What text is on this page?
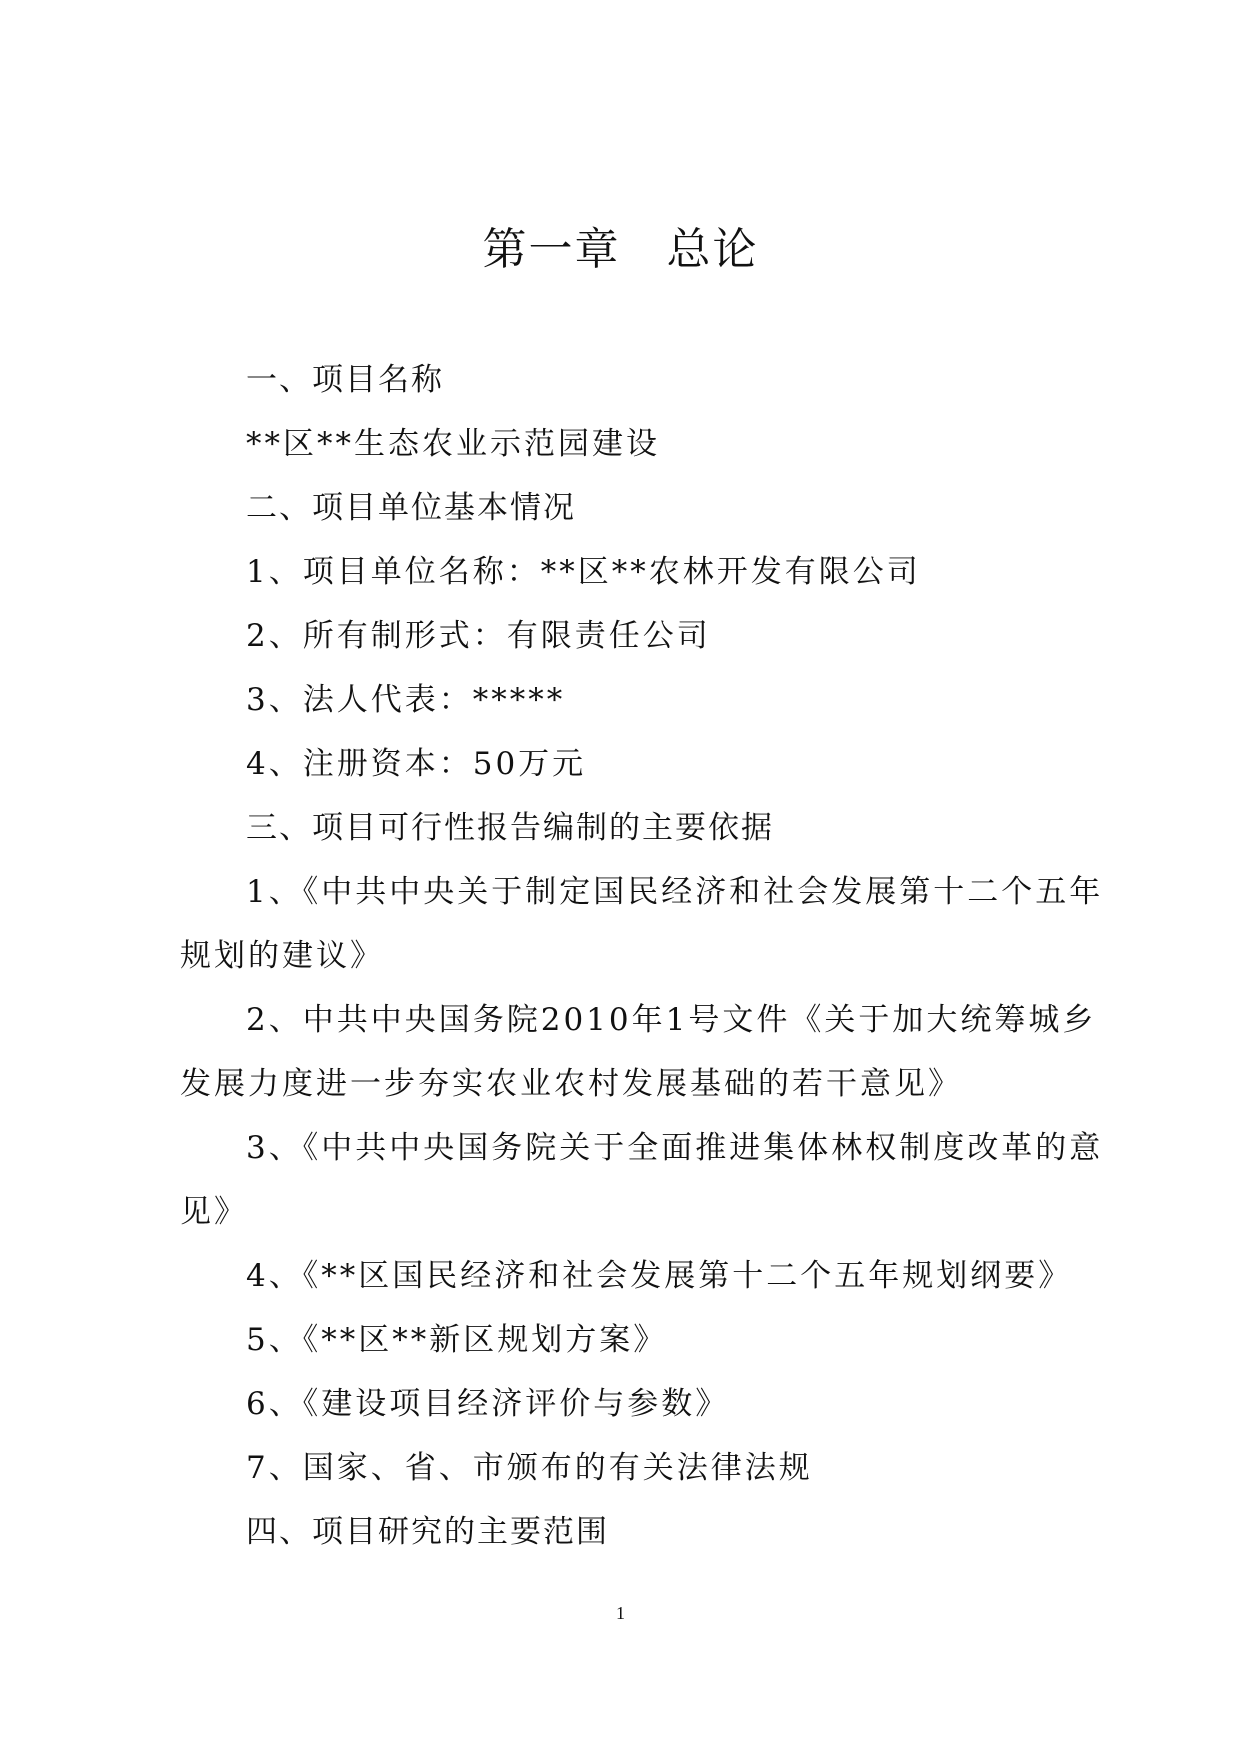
第一章　总论
一、项目名称
**区**生态农业示范园建设
二、项目单位基本情况
1、项目单位名称：**区**农林开发有限公司
2、所有制形式：有限责任公司
3、法人代表：*****
4、注册资本：50万元
三、项目可行性报告编制的主要依据
1、《中共中央关于制定国民经济和社会发展第十二个五年
规划的建议》
2、中共中央国务院2010年1号文件《关于加大统筹城乡
发展力度进一步夯实农业农村发展基础的若干意见》
3、《中共中央国务院关于全面推进集体林权制度改革的意
见》
4、《**区国民经济和社会发展第十二个五年规划纲要》
5、《**区**新区规划方案》
6、《建设项目经济评价与参数》
7、国家、省、市颁布的有关法律法规
四、项目研究的主要范围
1
